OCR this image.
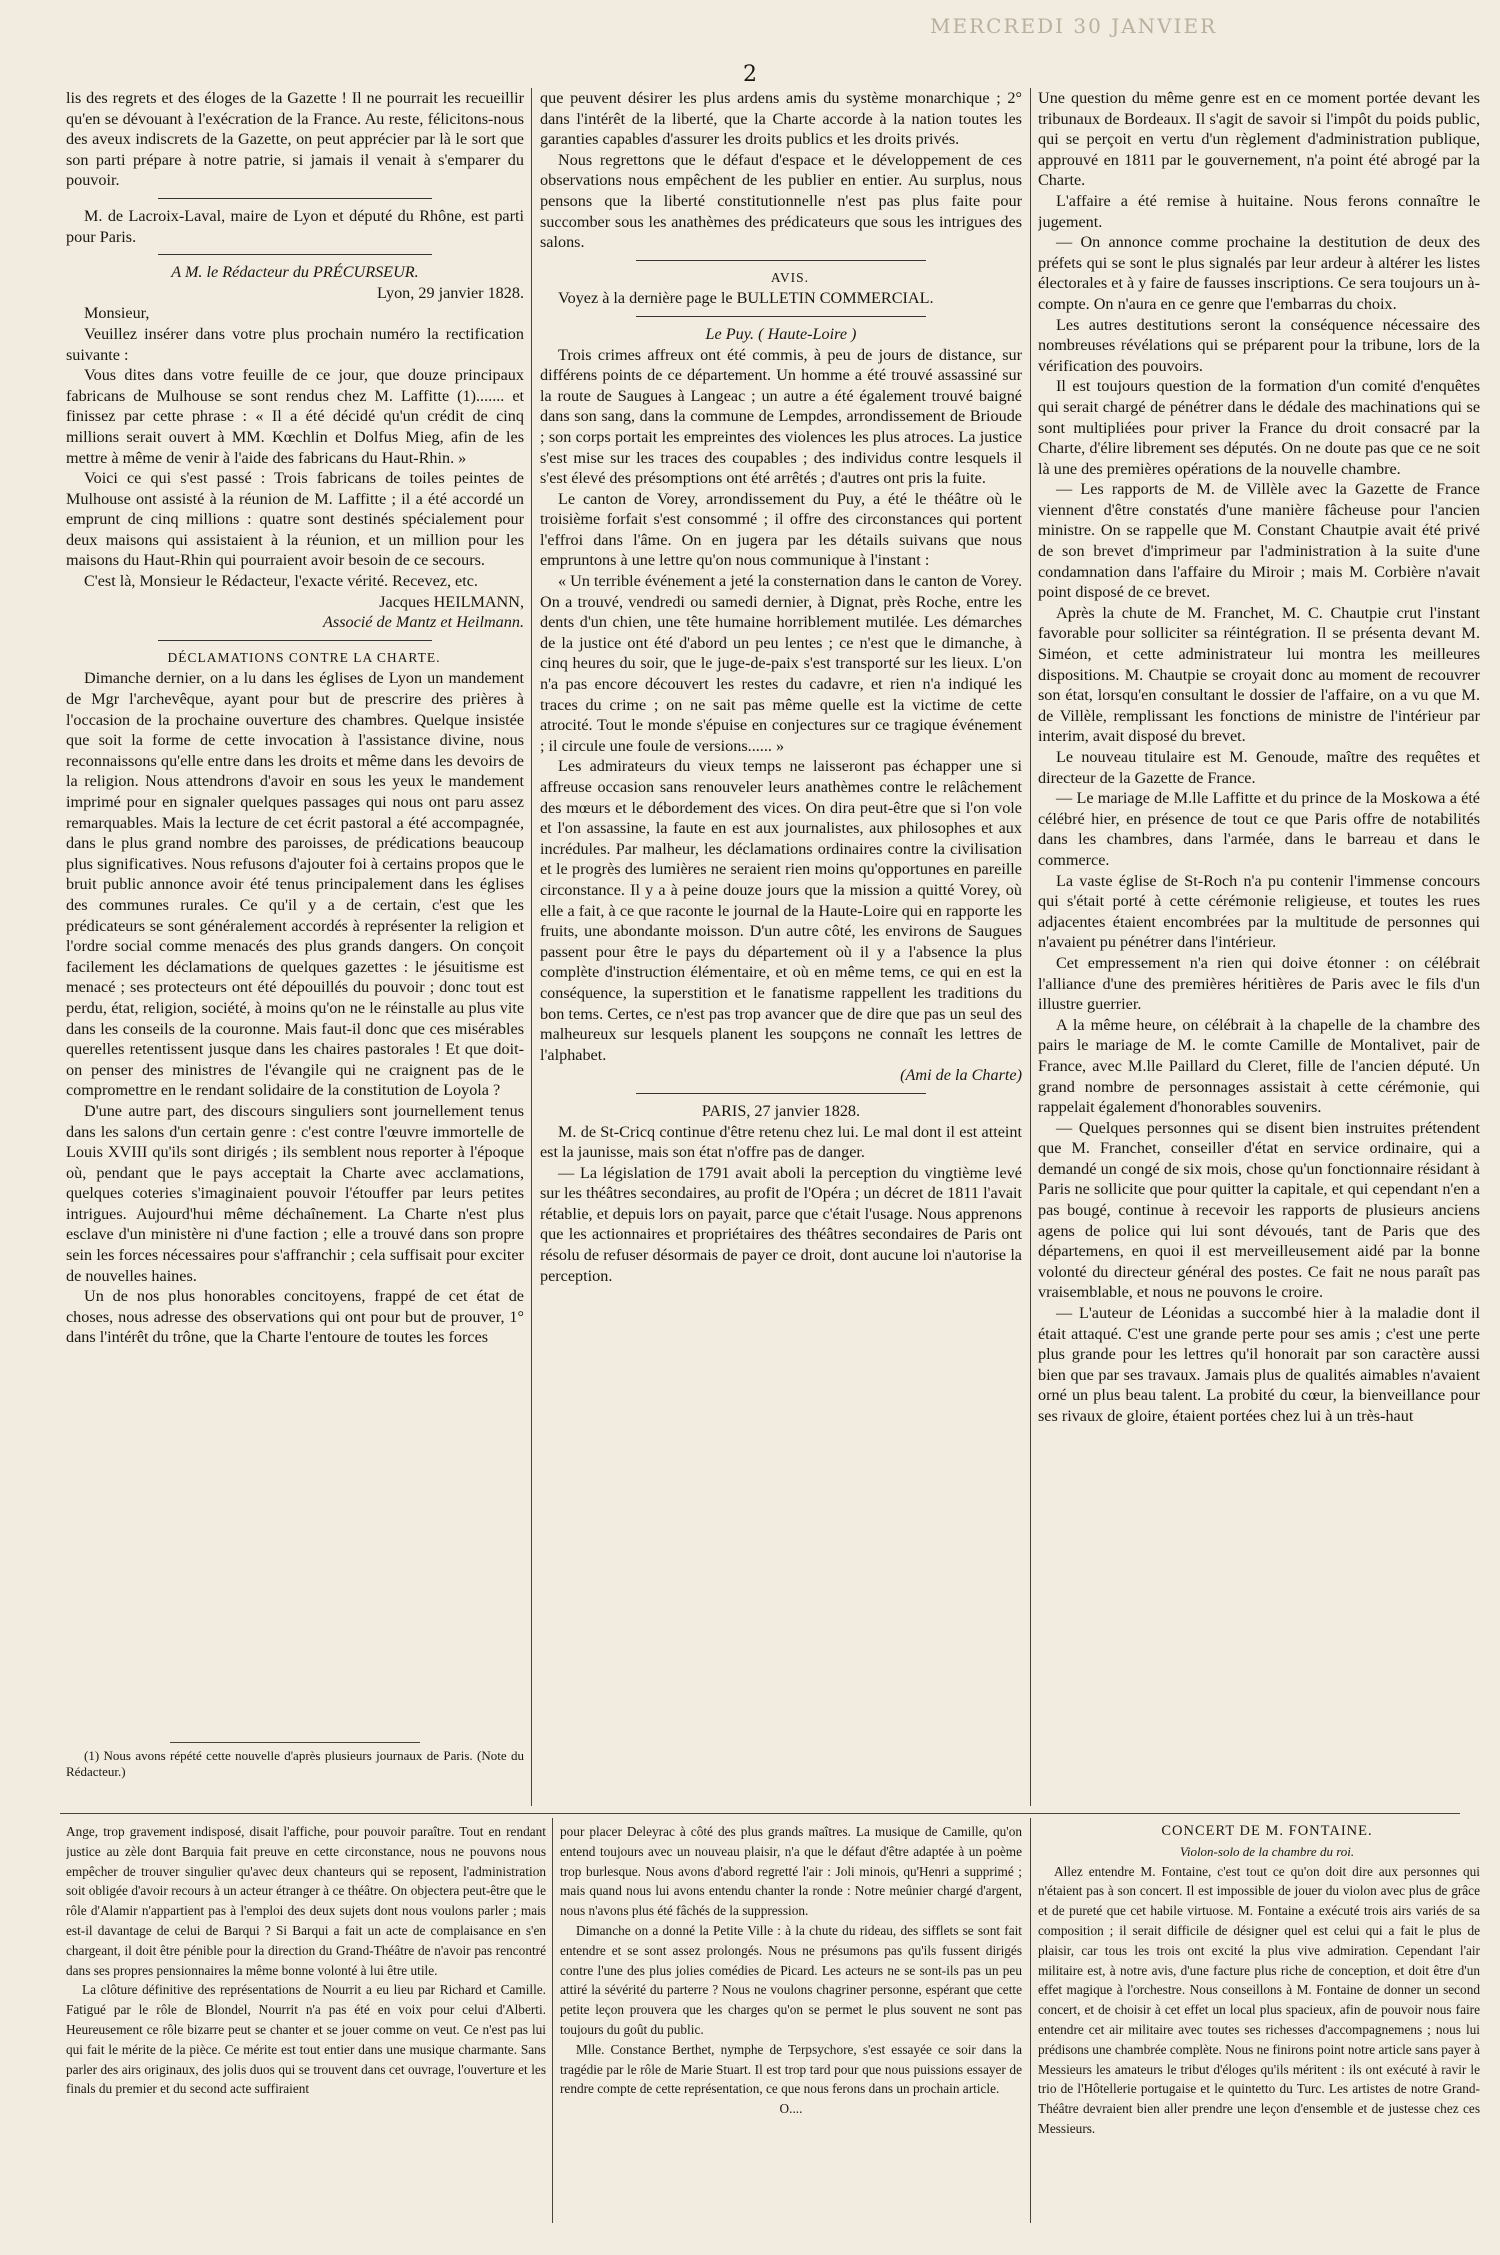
MERCREDI 30 JANVIER
2

lis des regrets et des éloges de la Gazette ! Il ne pourrait les recueillir qu'en se dévouant à l'exécration de la France. Au reste, félicitons-nous des aveux indiscrets de la Gazette, on peut apprécier par là le sort que son parti prépare à notre patrie, si jamais il venait à s'emparer du pouvoir.

M. de Lacroix-Laval, maire de Lyon et député du Rhône, est parti pour Paris.

A M. le Rédacteur du PRÉCURSEUR.

Lyon, 29 janvier 1828.

Monsieur,

Veuillez insérer dans votre plus prochain numéro la rectification suivante :

Vous dites dans votre feuille de ce jour, que douze principaux fabricans de Mulhouse se sont rendus chez M. Laffitte (1)....... et finissez par cette phrase : « Il a été décidé qu'un crédit de cinq millions serait ouvert à MM. Kœchlin et Dolfus Mieg, afin de les mettre à même de venir à l'aide des fabricans du Haut-Rhin. »

Voici ce qui s'est passé : Trois fabricans de toiles peintes de Mulhouse ont assisté à la réunion de M. Laffitte ; il a été accordé un emprunt de cinq millions : quatre sont destinés spécialement pour deux maisons qui assistaient à la réunion, et un million pour les maisons du Haut-Rhin qui pourraient avoir besoin de ce secours.

C'est là, Monsieur le Rédacteur, l'exacte vérité. Recevez, etc.

Jacques HEILMANN,

Associé de Mantz et Heilmann.

DÉCLAMATIONS CONTRE LA CHARTE.

Dimanche dernier, on a lu dans les églises de Lyon un mandement de Mgr l'archevêque, ayant pour but de prescrire des prières à l'occasion de la prochaine ouverture des chambres. Quelque insistée que soit la forme de cette invocation à l'assistance divine, nous reconnaissons qu'elle entre dans les droits et même dans les devoirs de la religion. Nous attendrons d'avoir en sous les yeux le mandement imprimé pour en signaler quelques passages qui nous ont paru assez remarquables. Mais la lecture de cet écrit pastoral a été accompagnée, dans le plus grand nombre des paroisses, de prédications beaucoup plus significatives. Nous refusons d'ajouter foi à certains propos que le bruit public annonce avoir été tenus principalement dans les églises des communes rurales. Ce qu'il y a de certain, c'est que les prédicateurs se sont généralement accordés à représenter la religion et l'ordre social comme menacés des plus grands dangers. On conçoit facilement les déclamations de quelques gazettes : le jésuitisme est menacé ; ses protecteurs ont été dépouillés du pouvoir ; donc tout est perdu, état, religion, société, à moins qu'on ne le réinstalle au plus vite dans les conseils de la couronne. Mais faut-il donc que ces misérables querelles retentissent jusque dans les chaires pastorales ! Et que doit-on penser des ministres de l'évangile qui ne craignent pas de le compromettre en le rendant solidaire de la constitution de Loyola ?

D'une autre part, des discours singuliers sont journellement tenus dans les salons d'un certain genre : c'est contre l'œuvre immortelle de Louis XVIII qu'ils sont dirigés ; ils semblent nous reporter à l'époque où, pendant que le pays acceptait la Charte avec acclamations, quelques coteries s'imaginaient pouvoir l'étouffer par leurs petites intrigues. Aujourd'hui même déchaînement. La Charte n'est plus esclave d'un ministère ni d'une faction ; elle a trouvé dans son propre sein les forces nécessaires pour s'affranchir ; cela suffisait pour exciter de nouvelles haines.

Un de nos plus honorables concitoyens, frappé de cet état de choses, nous adresse des observations qui ont pour but de prouver, 1° dans l'intérêt du trône, que la Charte l'entoure de toutes les forces

(1) Nous avons répété cette nouvelle d'après plusieurs journaux de Paris. (Note du Rédacteur.)

que peuvent désirer les plus ardens amis du système monarchique ; 2° dans l'intérêt de la liberté, que la Charte accorde à la nation toutes les garanties capables d'assurer les droits publics et les droits privés.

Nous regrettons que le défaut d'espace et le développement de ces observations nous empêchent de les publier en entier. Au surplus, nous pensons que la liberté constitutionnelle n'est pas plus faite pour succomber sous les anathèmes des prédicateurs que sous les intrigues des salons.

AVIS.

Voyez à la dernière page le BULLETIN COMMERCIAL.

Le Puy. ( Haute-Loire )

Trois crimes affreux ont été commis, à peu de jours de distance, sur différens points de ce département. Un homme a été trouvé assassiné sur la route de Saugues à Langeac ; un autre a été également trouvé baigné dans son sang, dans la commune de Lempdes, arrondissement de Brioude ; son corps portait les empreintes des violences les plus atroces. La justice s'est mise sur les traces des coupables ; des individus contre lesquels il s'est élevé des présomptions ont été arrêtés ; d'autres ont pris la fuite.

Le canton de Vorey, arrondissement du Puy, a été le théâtre où le troisième forfait s'est consommé ; il offre des circonstances qui portent l'effroi dans l'âme. On en jugera par les détails suivans que nous empruntons à une lettre qu'on nous communique à l'instant :

« Un terrible événement a jeté la consternation dans le canton de Vorey. On a trouvé, vendredi ou samedi dernier, à Dignat, près Roche, entre les dents d'un chien, une tête humaine horriblement mutilée. Les démarches de la justice ont été d'abord un peu lentes ; ce n'est que le dimanche, à cinq heures du soir, que le juge-de-paix s'est transporté sur les lieux. L'on n'a pas encore découvert les restes du cadavre, et rien n'a indiqué les traces du crime ; on ne sait pas même quelle est la victime de cette atrocité. Tout le monde s'épuise en conjectures sur ce tragique événement ; il circule une foule de versions...... »

Les admirateurs du vieux temps ne laisseront pas échapper une si affreuse occasion sans renouveler leurs anathèmes contre le relâchement des mœurs et le débordement des vices. On dira peut-être que si l'on vole et l'on assassine, la faute en est aux journalistes, aux philosophes et aux incrédules. Par malheur, les déclamations ordinaires contre la civilisation et le progrès des lumières ne seraient rien moins qu'opportunes en pareille circonstance. Il y a à peine douze jours que la mission a quitté Vorey, où elle a fait, à ce que raconte le journal de la Haute-Loire qui en rapporte les fruits, une abondante moisson. D'un autre côté, les environs de Saugues passent pour être le pays du département où il y a l'absence la plus complète d'instruction élémentaire, et où en même tems, ce qui en est la conséquence, la superstition et le fanatisme rappellent les traditions du bon tems. Certes, ce n'est pas trop avancer que de dire que pas un seul des malheureux sur lesquels planent les soupçons ne connaît les lettres de l'alphabet.

(Ami de la Charte)

PARIS, 27 janvier 1828.

M. de St-Cricq continue d'être retenu chez lui. Le mal dont il est atteint est la jaunisse, mais son état n'offre pas de danger.

— La législation de 1791 avait aboli la perception du vingtième levé sur les théâtres secondaires, au profit de l'Opéra ; un décret de 1811 l'avait rétablie, et depuis lors on payait, parce que c'était l'usage. Nous apprenons que les actionnaires et propriétaires des théâtres secondaires de Paris ont résolu de refuser désormais de payer ce droit, dont aucune loi n'autorise la perception.

Une question du même genre est en ce moment portée devant les tribunaux de Bordeaux. Il s'agit de savoir si l'impôt du poids public, qui se perçoit en vertu d'un règlement d'administration publique, approuvé en 1811 par le gouvernement, n'a point été abrogé par la Charte.

L'affaire a été remise à huitaine. Nous ferons connaître le jugement.

— On annonce comme prochaine la destitution de deux des préfets qui se sont le plus signalés par leur ardeur à altérer les listes électorales et à y faire de fausses inscriptions. Ce sera toujours un à-compte. On n'aura en ce genre que l'embarras du choix.

Les autres destitutions seront la conséquence nécessaire des nombreuses révélations qui se préparent pour la tribune, lors de la vérification des pouvoirs.

Il est toujours question de la formation d'un comité d'enquêtes qui serait chargé de pénétrer dans le dédale des machinations qui se sont multipliées pour priver la France du droit consacré par la Charte, d'élire librement ses députés. On ne doute pas que ce ne soit là une des premières opérations de la nouvelle chambre.

— Les rapports de M. de Villèle avec la Gazette de France viennent d'être constatés d'une manière fâcheuse pour l'ancien ministre. On se rappelle que M. Constant Chautpie avait été privé de son brevet d'imprimeur par l'administration à la suite d'une condamnation dans l'affaire du Miroir ; mais M. Corbière n'avait point disposé de ce brevet.

Après la chute de M. Franchet, M. C. Chautpie crut l'instant favorable pour solliciter sa réintégration. Il se présenta devant M. Siméon, et cette administrateur lui montra les meilleures dispositions. M. Chautpie se croyait donc au moment de recouvrer son état, lorsqu'en consultant le dossier de l'affaire, on a vu que M. de Villèle, remplissant les fonctions de ministre de l'intérieur par interim, avait disposé du brevet.

Le nouveau titulaire est M. Genoude, maître des requêtes et directeur de la Gazette de France.

— Le mariage de M.lle Laffitte et du prince de la Moskowa a été célébré hier, en présence de tout ce que Paris offre de notabilités dans les chambres, dans l'armée, dans le barreau et dans le commerce.

La vaste église de St-Roch n'a pu contenir l'immense concours qui s'était porté à cette cérémonie religieuse, et toutes les rues adjacentes étaient encombrées par la multitude de personnes qui n'avaient pu pénétrer dans l'intérieur.

Cet empressement n'a rien qui doive étonner : on célébrait l'alliance d'une des premières héritières de Paris avec le fils d'un illustre guerrier.

A la même heure, on célébrait à la chapelle de la chambre des pairs le mariage de M. le comte Camille de Montalivet, pair de France, avec M.lle Paillard du Cleret, fille de l'ancien député. Un grand nombre de personnages assistait à cette cérémonie, qui rappelait également d'honorables souvenirs.

— Quelques personnes qui se disent bien instruites prétendent que M. Franchet, conseiller d'état en service ordinaire, qui a demandé un congé de six mois, chose qu'un fonctionnaire résidant à Paris ne sollicite que pour quitter la capitale, et qui cependant n'en a pas bougé, continue à recevoir les rapports de plusieurs anciens agens de police qui lui sont dévoués, tant de Paris que des départemens, en quoi il est merveilleusement aidé par la bonne volonté du directeur général des postes. Ce fait ne nous paraît pas vraisemblable, et nous ne pouvons le croire.

— L'auteur de Léonidas a succombé hier à la maladie dont il était attaqué. C'est une grande perte pour ses amis ; c'est une perte plus grande pour les lettres qu'il honorait par son caractère aussi bien que par ses travaux. Jamais plus de qualités aimables n'avaient orné un plus beau talent. La probité du cœur, la bienveillance pour ses rivaux de gloire, étaient portées chez lui à un très-haut

Ange, trop gravement indisposé, disait l'affiche, pour pouvoir paraître. Tout en rendant justice au zèle dont Barquia fait preuve en cette circonstance, nous ne pouvons nous empêcher de trouver singulier qu'avec deux chanteurs qui se reposent, l'administration soit obligée d'avoir recours à un acteur étranger à ce théâtre. On objectera peut-être que le rôle d'Alamir n'appartient pas à l'emploi des deux sujets dont nous voulons parler ; mais est-il davantage de celui de Barqui ? Si Barqui a fait un acte de complaisance en s'en chargeant, il doit être pénible pour la direction du Grand-Théâtre de n'avoir pas rencontré dans ses propres pensionnaires la même bonne volonté à lui être utile.

La clôture définitive des représentations de Nourrit a eu lieu par Richard et Camille. Fatigué par le rôle de Blondel, Nourrit n'a pas été en voix pour celui d'Alberti. Heureusement ce rôle bizarre peut se chanter et se jouer comme on veut. Ce n'est pas lui qui fait le mérite de la pièce. Ce mérite est tout entier dans une musique charmante. Sans parler des airs originaux, des jolis duos qui se trouvent dans cet ouvrage, l'ouverture et les finals du premier et du second acte suffiraient

pour placer Deleyrac à côté des plus grands maîtres. La musique de Camille, qu'on entend toujours avec un nouveau plaisir, n'a que le défaut d'être adaptée à un poème trop burlesque. Nous avons d'abord regretté l'air : Joli minois, qu'Henri a supprimé ; mais quand nous lui avons entendu chanter la ronde : Notre meûnier chargé d'argent, nous n'avons plus été fâchés de la suppression.

Dimanche on a donné la Petite Ville : à la chute du rideau, des sifflets se sont fait entendre et se sont assez prolongés. Nous ne présumons pas qu'ils fussent dirigés contre l'une des plus jolies comédies de Picard. Les acteurs ne se sont-ils pas un peu attiré la sévérité du parterre ? Nous ne voulons chagriner personne, espérant que cette petite leçon prouvera que les charges qu'on se permet le plus souvent ne sont pas toujours du goût du public.

Mlle. Constance Berthet, nymphe de Terpsychore, s'est essayée ce soir dans la tragédie par le rôle de Marie Stuart. Il est trop tard pour que nous puissions essayer de rendre compte de cette représentation, ce que nous ferons dans un prochain article.

O....

CONCERT DE M. FONTAINE.

Violon-solo de la chambre du roi.

Allez entendre M. Fontaine, c'est tout ce qu'on doit dire aux personnes qui n'étaient pas à son concert. Il est impossible de jouer du violon avec plus de grâce et de pureté que cet habile virtuose. M. Fontaine a exécuté trois airs variés de sa composition ; il serait difficile de désigner quel est celui qui a fait le plus de plaisir, car tous les trois ont excité la plus vive admiration. Cependant l'air militaire est, à notre avis, d'une facture plus riche de conception, et doit être d'un effet magique à l'orchestre. Nous conseillons à M. Fontaine de donner un second concert, et de choisir à cet effet un local plus spacieux, afin de pouvoir nous faire entendre cet air militaire avec toutes ses richesses d'accompagnemens ; nous lui prédisons une chambrée complète. Nous ne finirons point notre article sans payer à Messieurs les amateurs le tribut d'éloges qu'ils méritent : ils ont exécuté à ravir le trio de l'Hôtellerie portugaise et le quintetto du Turc. Les artistes de notre Grand-Théâtre devraient bien aller prendre une leçon d'ensemble et de justesse chez ces Messieurs.
